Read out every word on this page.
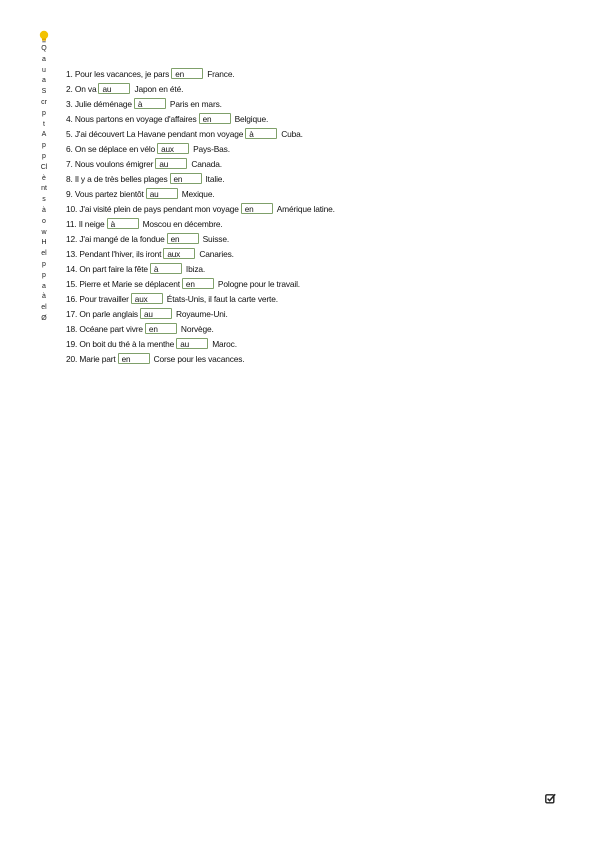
Q
a
u
a
S
cr
p
t
A
p
p
Cl
è
nt
s
à
o
w
H
el
p
p
a
à
el
Ø
1. Pour les vacances, je pars en	France.
2. On va au	Japon en été.
3. Julie déménage à	Paris en mars.
4. Nous partons en voyage d'affaires en	Belgique.
5. J'ai découvert La Havane pendant mon voyage à	Cuba.
6. On se déplace en vélo aux	Pays-Bas.
7. Nous voulons émigrer au	Canada.
8. Il y a de très belles plages en	Italie.
9. Vous partez bientôt au	Mexique.
10. J'ai visité plein de pays pendant mon voyage en	Amérique latine.
11. Il neige à	Moscou en décembre.
12. J'ai mangé de la fondue en	Suisse.
13. Pendant l'hiver, ils iront aux	Canaries.
14. On part faire la fête à	Ibiza.
15. Pierre et Marie se déplacent en	Pologne pour le travail.
16. Pour travailler aux	États-Unis, il faut la carte verte.
17. On parle anglais au	Royaume-Uni.
18. Océane part vivre en	Norvège.
19. On boit du thé à la menthe au	Maroc.
20. Marie part en	Corse pour les vacances.
